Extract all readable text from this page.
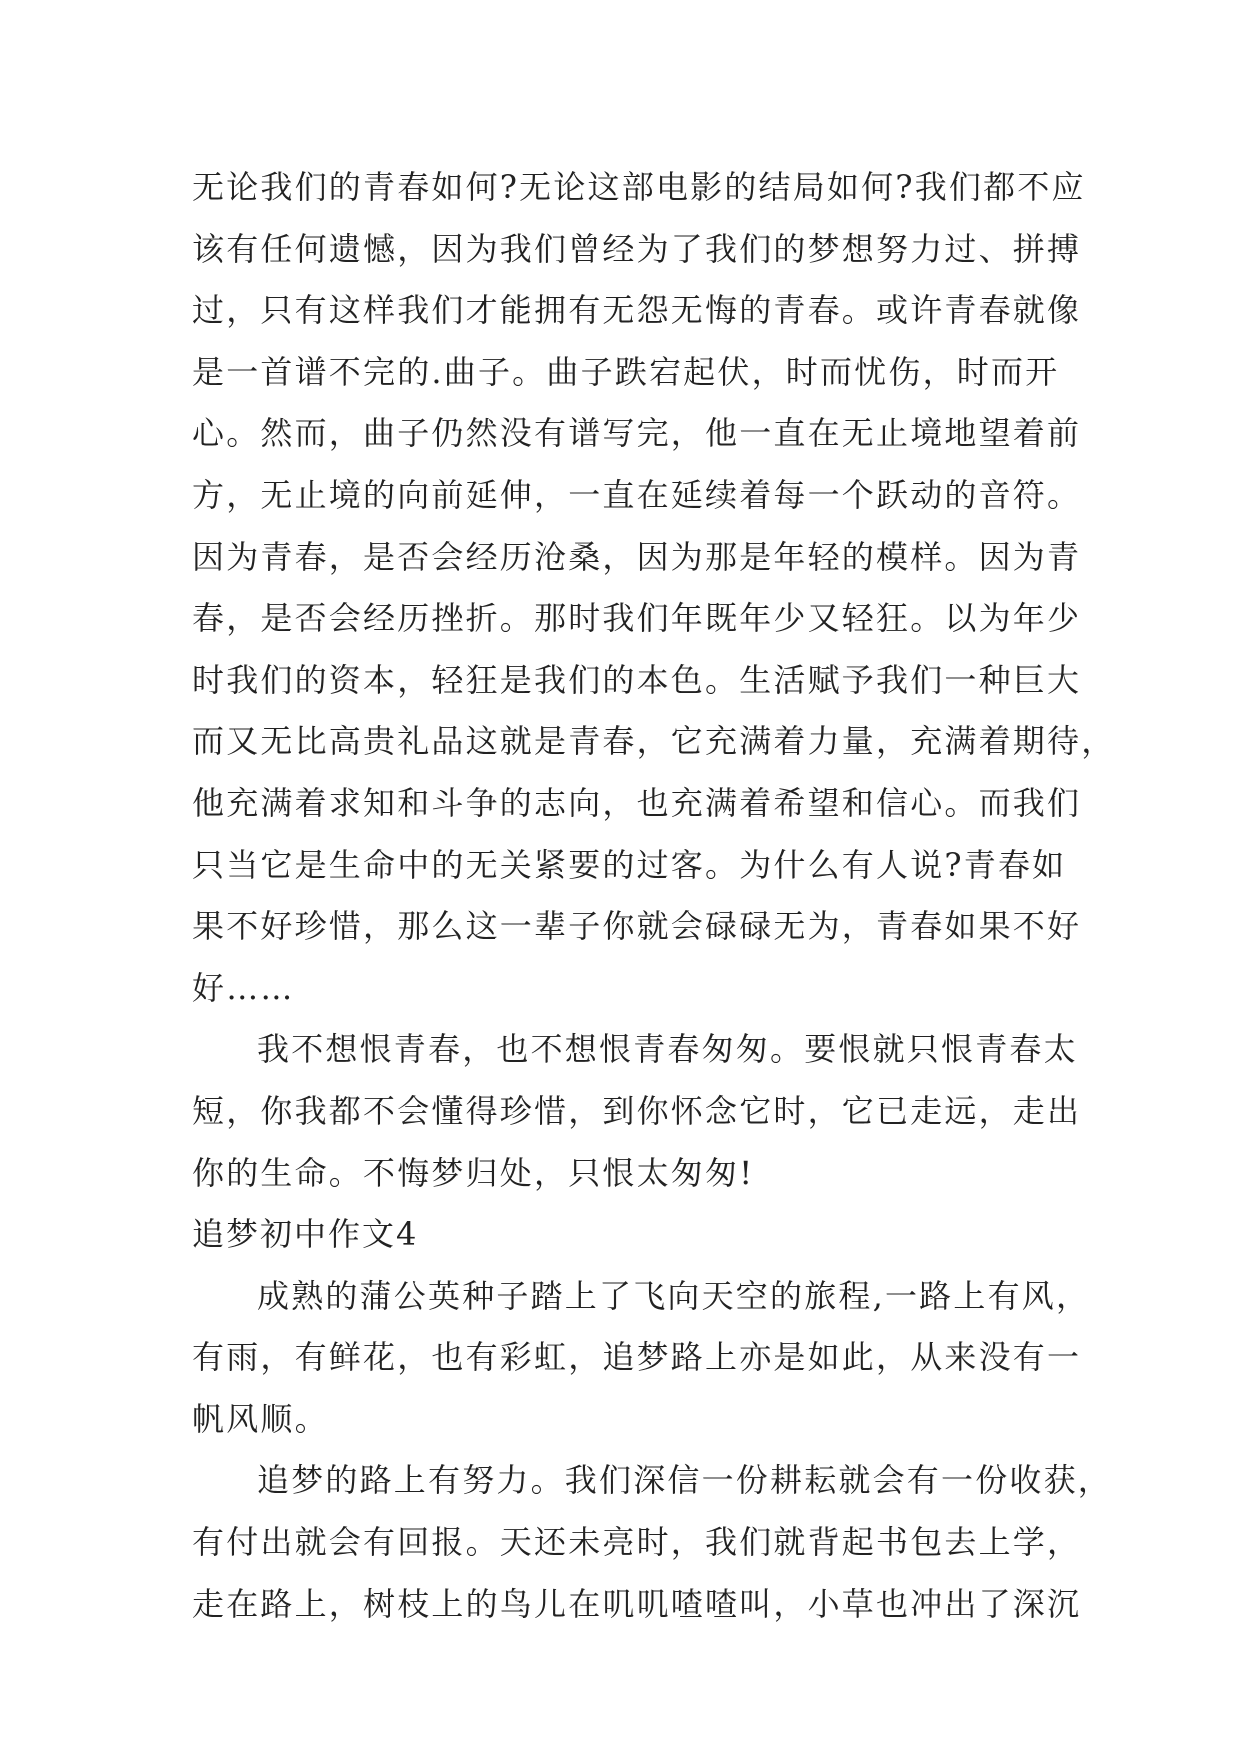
无论我们的青春如何?无论这部电影的结局如何?我们都不应
该有任何遗憾，因为我们曾经为了我们的梦想努力过、拼搏
过，只有这样我们才能拥有无怨无悔的青春。或许青春就像
是一首谱不完的.曲子。曲子跌宕起伏，时而忧伤，时而开
心。然而，曲子仍然没有谱写完，他一直在无止境地望着前
方，无止境的向前延伸，一直在延续着每一个跃动的音符。
因为青春，是否会经历沧桑，因为那是年轻的模样。因为青
春，是否会经历挫折。那时我们年既年少又轻狂。以为年少
时我们的资本，轻狂是我们的本色。生活赋予我们一种巨大
而又无比高贵礼品这就是青春，它充满着力量，充满着期待，
他充满着求知和斗争的志向，也充满着希望和信心。而我们
只当它是生命中的无关紧要的过客。为什么有人说?青春如
果不好珍惜，那么这一辈子你就会碌碌无为，青春如果不好
好……
我不想恨青春，也不想恨青春匆匆。要恨就只恨青春太
短，你我都不会懂得珍惜，到你怀念它时，它已走远，走出
你的生命。不悔梦归处，只恨太匆匆!
追梦初中作文4
成熟的蒲公英种子踏上了飞向天空的旅程,一路上有风，
有雨，有鲜花，也有彩虹，追梦路上亦是如此，从来没有一
帆风顺。
追梦的路上有努力。我们深信一份耕耘就会有一份收获，
有付出就会有回报。天还未亮时，我们就背起书包去上学，
走在路上，树枝上的鸟儿在叽叽喳喳叫，小草也冲出了深沉
